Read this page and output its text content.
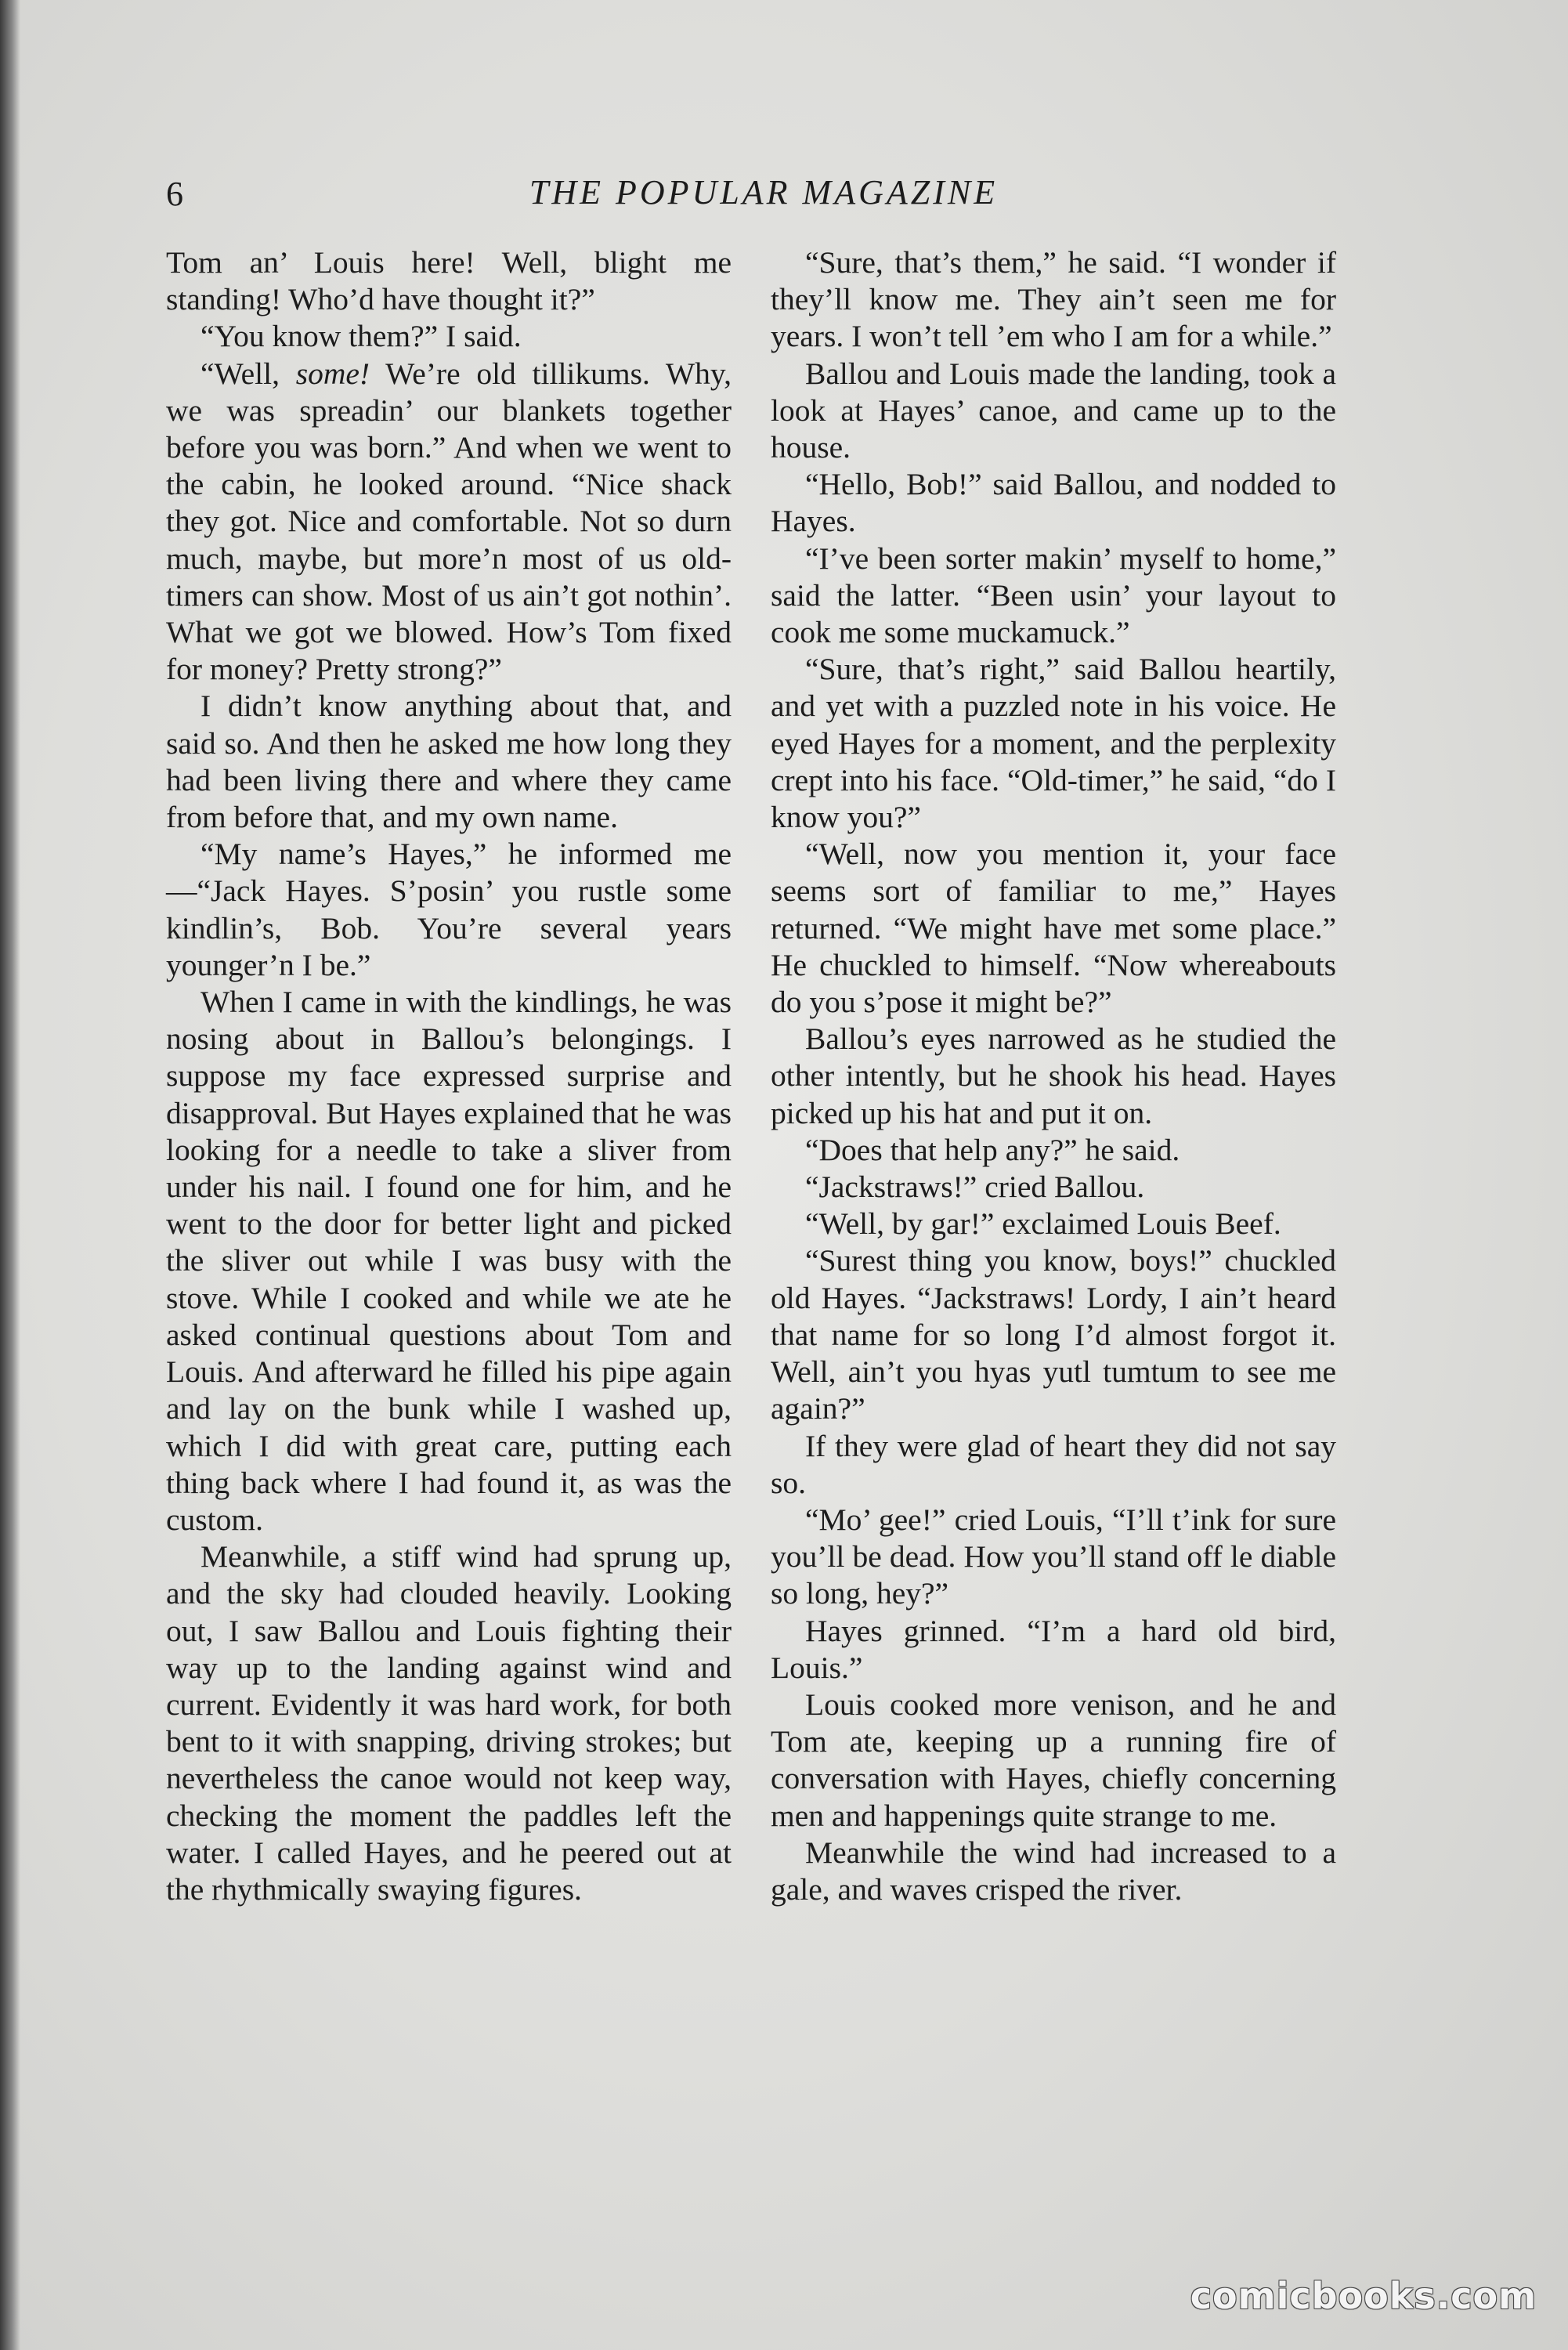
6	THE POPULAR MAGAZINE

Tom an’ Louis here! Well, blight me standing! Who’d have thought it?”

“You know them?” I said.

“Well, some! We’re old tillikums. Why, we was spreadin’ our blankets together before you was born.” And when we went to the cabin, he looked around. “Nice shack they got. Nice and comfortable. Not so durn much, maybe, but more’n most of us old-timers can show. Most of us ain’t got nothin’. What we got we blowed. How’s Tom fixed for money? Pretty strong?”

I didn’t know anything about that, and said so. And then he asked me how long they had been living there and where they came from before that, and my own name.

“My name’s Hayes,” he informed me —“Jack Hayes. S’posin’ you rustle some kindlin’s, Bob. You’re several years younger’n I be.”

When I came in with the kindlings, he was nosing about in Ballou’s belongings. I suppose my face expressed surprise and disapproval. But Hayes explained that he was looking for a needle to take a sliver from under his nail. I found one for him, and he went to the door for better light and picked the sliver out while I was busy with the stove. While I cooked and while we ate he asked continual questions about Tom and Louis. And afterward he filled his pipe again and lay on the bunk while I washed up, which I did with great care, putting each thing back where I had found it, as was the custom.

Meanwhile, a stiff wind had sprung up, and the sky had clouded heavily. Looking out, I saw Ballou and Louis fighting their way up to the landing against wind and current. Evidently it was hard work, for both bent to it with snapping, driving strokes; but nevertheless the canoe would not keep way, checking the moment the paddles left the water. I called Hayes, and he peered out at the rhythmically swaying figures.

“Sure, that’s them,” he said. “I wonder if they’ll know me. They ain’t seen me for years. I won’t tell ’em who I am for a while.”

Ballou and Louis made the landing, took a look at Hayes’ canoe, and came up to the house.

“Hello, Bob!” said Ballou, and nodded to Hayes.

“I’ve been sorter makin’ myself to home,” said the latter. “Been usin’ your layout to cook me some muckamuck.”

“Sure, that’s right,” said Ballou heartily, and yet with a puzzled note in his voice. He eyed Hayes for a moment, and the perplexity crept into his face. “Old-timer,” he said, “do I know you?”

“Well, now you mention it, your face seems sort of familiar to me,” Hayes returned. “We might have met some place.” He chuckled to himself. “Now whereabouts do you s’pose it might be?”

Ballou’s eyes narrowed as he studied the other intently, but he shook his head. Hayes picked up his hat and put it on.

“Does that help any?” he said.

“Jackstraws!” cried Ballou.

“Well, by gar!” exclaimed Louis Beef.

“Surest thing you know, boys!” chuckled old Hayes. “Jackstraws! Lordy, I ain’t heard that name for so long I’d almost forgot it. Well, ain’t you hyas yutl tumtum to see me again?”

If they were glad of heart they did not say so.

“Mo’ gee!” cried Louis, “I’ll t’ink for sure you’ll be dead. How you’ll stand off le diable so long, hey?”

Hayes grinned. “I’m a hard old bird, Louis.”

Louis cooked more venison, and he and Tom ate, keeping up a running fire of conversation with Hayes, chiefly concerning men and happenings quite strange to me.

Meanwhile the wind had increased to a gale, and waves crisped the river.

comicbooks.com
